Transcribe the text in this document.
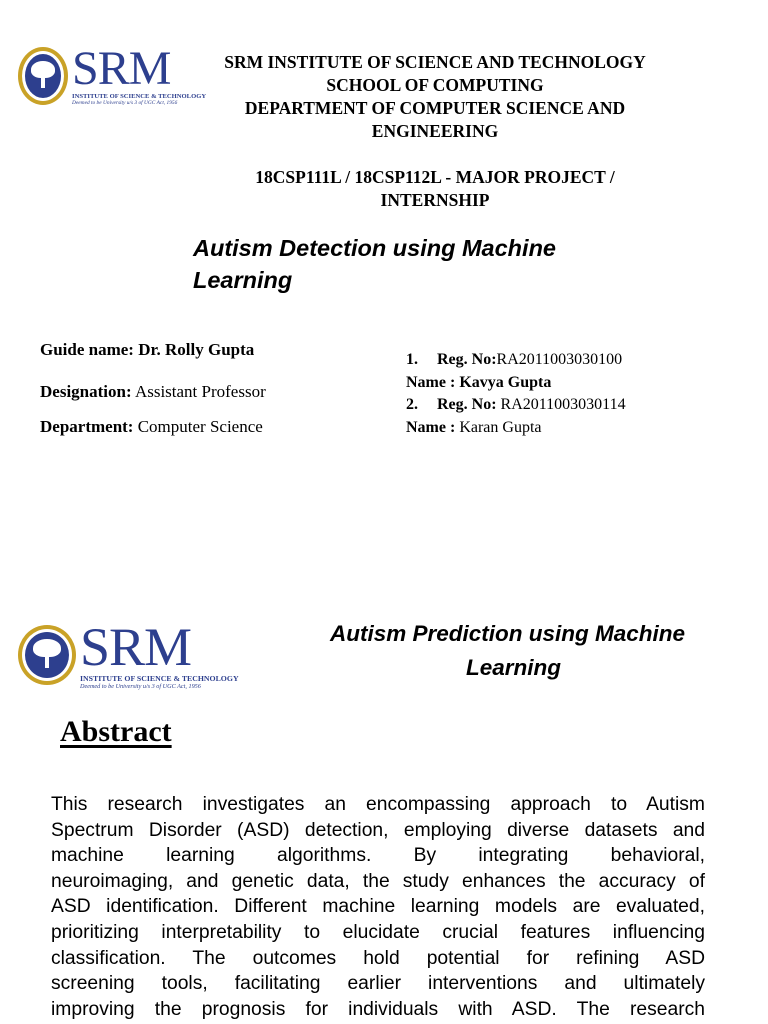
SRM
INSTITUTE OF SCIENCE & TECHNOLOGY
Deemed to be University u/s 3 of UGC Act, 1956
SRM INSTITUTE OF SCIENCE AND TECHNOLOGY
SCHOOL OF COMPUTING
DEPARTMENT OF COMPUTER SCIENCE AND
ENGINEERING
18CSP111L / 18CSP112L - MAJOR PROJECT /
INTERNSHIP
Autism Detection using Machine
Learning
Guide name: Dr. Rolly Gupta
Designation: Assistant Professor
Department: Computer Science
1. Reg. No:RA2011003030100
Name : Kavya Gupta
2. Reg. No: RA2011003030114
Name : Karan Gupta
SRM
INSTITUTE OF SCIENCE & TECHNOLOGY
Deemed to be University u/s 3 of UGC Act, 1956
Autism Prediction using Machine
Learning
Abstract
This research investigates an encompassing approach to Autism
Spectrum Disorder (ASD) detection, employing diverse datasets and
machine learning algorithms. By integrating behavioral,
neuroimaging, and genetic data, the study enhances the accuracy of
ASD identification. Different machine learning models are evaluated,
prioritizing interpretability to elucidate crucial features influencing
classification. The outcomes hold potential for refining ASD
screening tools, facilitating earlier interventions and ultimately
improving the prognosis for individuals with ASD. The research
